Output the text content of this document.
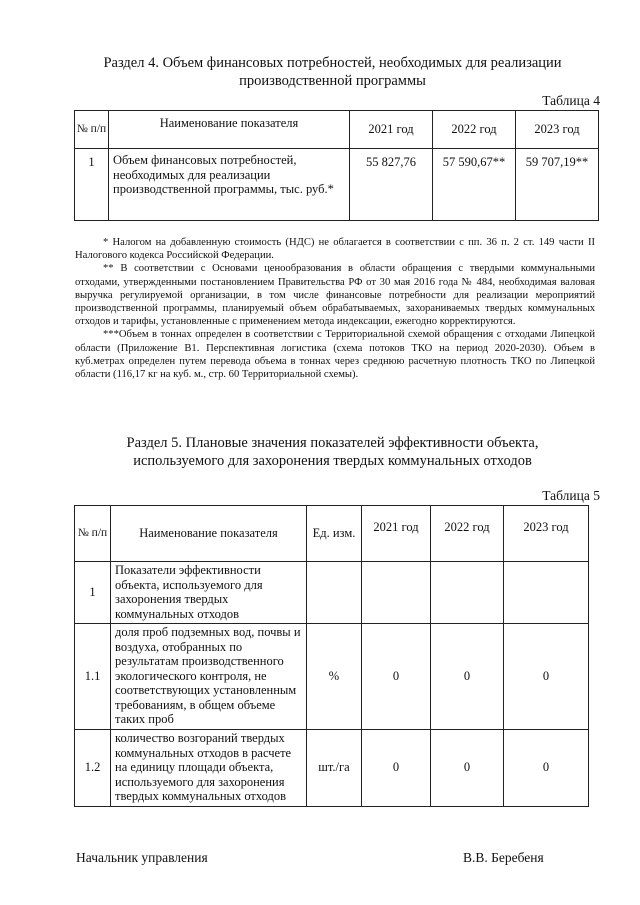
Раздел 4. Объем финансовых потребностей, необходимых для реализации
производственной программы
Таблица 4
№ п/п	Наименование показателя	2021 год	2022 год	2023 год
1	Объем финансовых потребностей, необходимых для реализации производственной программы, тыс. руб.*	55 827,76	57 590,67**	59 707,19**

* Налогом на добавленную стоимость (НДС) не облагается в соответствии с пп. 36 п. 2 ст. 149 части II Налогового кодекса Российской Федерации.

** В соответствии с Основами ценообразования в области обращения с твердыми коммунальными отходами, утвержденными постановлением Правительства РФ от 30 мая 2016 года № 484, необходимая валовая выручка регулируемой организации, в том числе финансовые потребности для реализации мероприятий производственной программы, планируемый объем обрабатываемых, захораниваемых твердых коммунальных отходов и тарифы, установленные с применением метода индексации, ежегодно корректируются.

***Объем в тоннах определен в соответствии с Территориальной схемой обращения с отходами Липецкой области (Приложение В1. Перспективная логистика (схема потоков ТКО на период 2020-2030). Объем в куб.метрах определен путем перевода объема в тоннах через среднюю расчетную плотность ТКО по Липецкой области (116,17 кг на куб. м., стр. 60 Территориальной схемы).

Раздел 5. Плановые значения показателей эффективности объекта,
используемого для захоронения твердых коммунальных отходов
Таблица 5
№ п/п	Наименование показателя	Ед. изм.	2021 год	2022 год	2023 год
1	Показатели эффективности объекта, используемого для захоронения твердых коммунальных отходов				
1.1	доля проб подземных вод, почвы и воздуха, отобранных по результатам производственного экологического контроля, не соответствующих установленным требованиям, в общем объеме таких проб	%	0	0	0
1.2	количество возгораний твердых коммунальных отходов в расчете на единицу площади объекта, используемого для захоронения твердых коммунальных отходов	шт./га	0	0	0
Начальник управления	В.В. Беребеня
